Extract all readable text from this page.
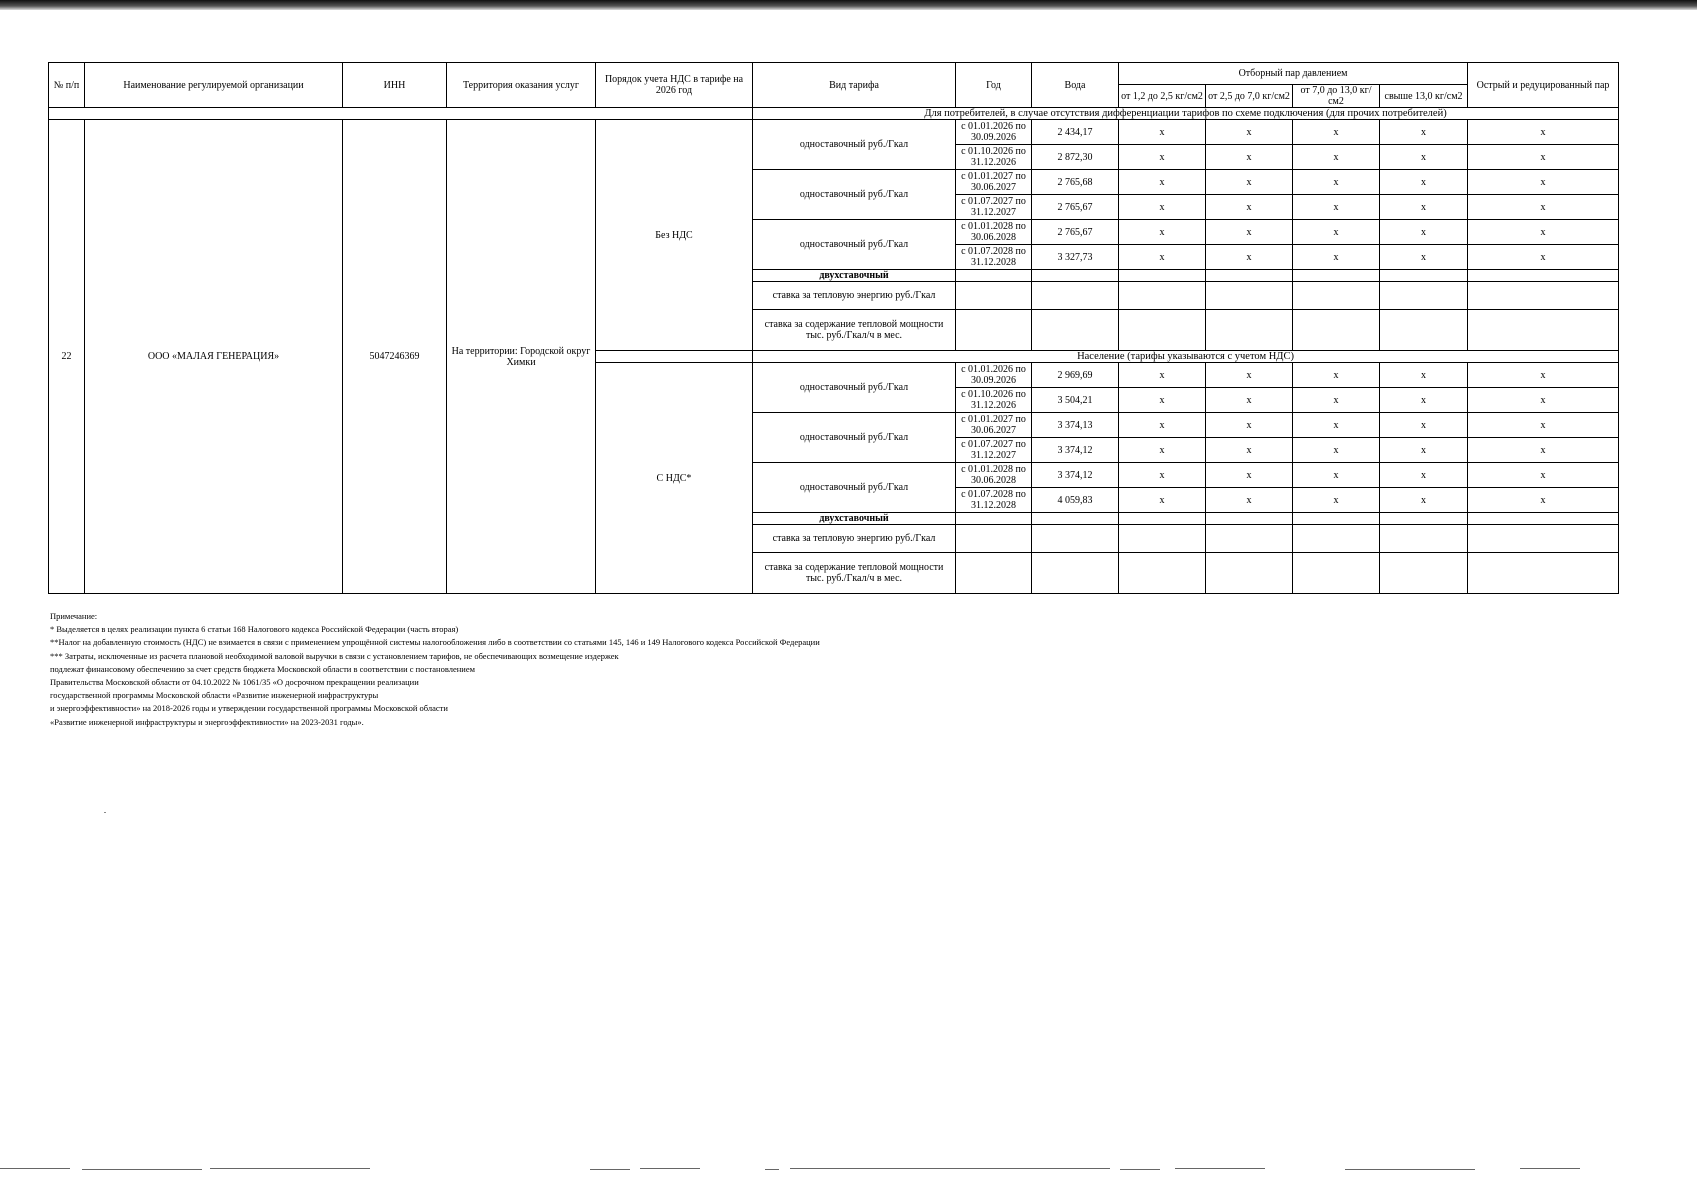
№ п/п	Наименование регулируемой организации	ИНН	Территория оказания услуг	Порядок учета НДС в тарифе на 2026 год	Вид тарифа	Год	Вода	Отборный пар давлением				Острый и редуцированный пар
								от 1,2 до 2,5 кг/см2	от 2,5 до 7,0 кг/см2	от 7,0 до 13,0 кг/см2	свыше 13,0 кг/см2	
					Для потребителей, в случае отсутствия дифференциации тарифов по схеме подключения (для прочих потребителей)							
22	ООО «МАЛАЯ ГЕНЕРАЦИЯ»	5047246369	На территории: Городской округ Химки	Без НДС	одноставочный руб./Гкал	с 01.01.2026 по 30.09.2026	2 434,17	x	x	x	x	x
						с 01.10.2026 по 31.12.2026	2 872,30	x	x	x	x	x
					одноставочный руб./Гкал	с 01.01.2027 по 30.06.2027	2 765,68	x	x	x	x	x
						с 01.07.2027 по 31.12.2027	2 765,67	x	x	x	x	x
					одноставочный руб./Гкал	с 01.01.2028 по 30.06.2028	2 765,67	x	x	x	x	x
						с 01.07.2028 по 31.12.2028	3 327,73	x	x	x	x	x
					двухставочный							
					ставка за тепловую энергию руб./Гкал							
					ставка за содержание тепловой мощности тыс. руб./Гкал/ч в мес.							
					Население (тарифы указываются с учетом НДС)							
				С НДС*	одноставочный руб./Гкал	с 01.01.2026 по 30.09.2026	2 969,69	x	x	x	x	x
						с 01.10.2026 по 31.12.2026	3 504,21	x	x	x	x	x
					одноставочный руб./Гкал	с 01.01.2027 по 30.06.2027	3 374,13	x	x	x	x	x
						с 01.07.2027 по 31.12.2027	3 374,12	x	x	x	x	x
					одноставочный руб./Гкал	с 01.01.2028 по 30.06.2028	3 374,12	x	x	x	x	x
						с 01.07.2028 по 31.12.2028	4 059,83	x	x	x	x	x
					двухставочный							
					ставка за тепловую энергию руб./Гкал							
					ставка за содержание тепловой мощности тыс. руб./Гкал/ч в мес.							
Примечание:
* Выделяется в целях реализации пункта 6 статьи 168 Налогового кодекса Российской Федерации (часть вторая)
**Налог на добавленную стоимость (НДС) не взимается в связи с применением упрощённой системы налогообложения либо в соответствии со статьями 145, 146 и 149 Налогового кодекса Российской Федерации
*** Затраты, исключенные из расчета плановой необходимой валовой выручки в связи с установлением тарифов, не обеспечивающих возмещение издержек
подлежат финансовому обеспечению за счет средств бюджета Московской области в соответствии с постановлением
Правительства Московской области от 04.10.2022 № 1061/35 «О досрочном прекращении реализации
государственной программы Московской области «Развитие инженерной инфраструктуры
и энергоэффективности» на 2018-2026 годы и утверждении государственной программы Московской области
«Развитие инженерной инфраструктуры и энергоэффективности» на 2023-2031 годы».
